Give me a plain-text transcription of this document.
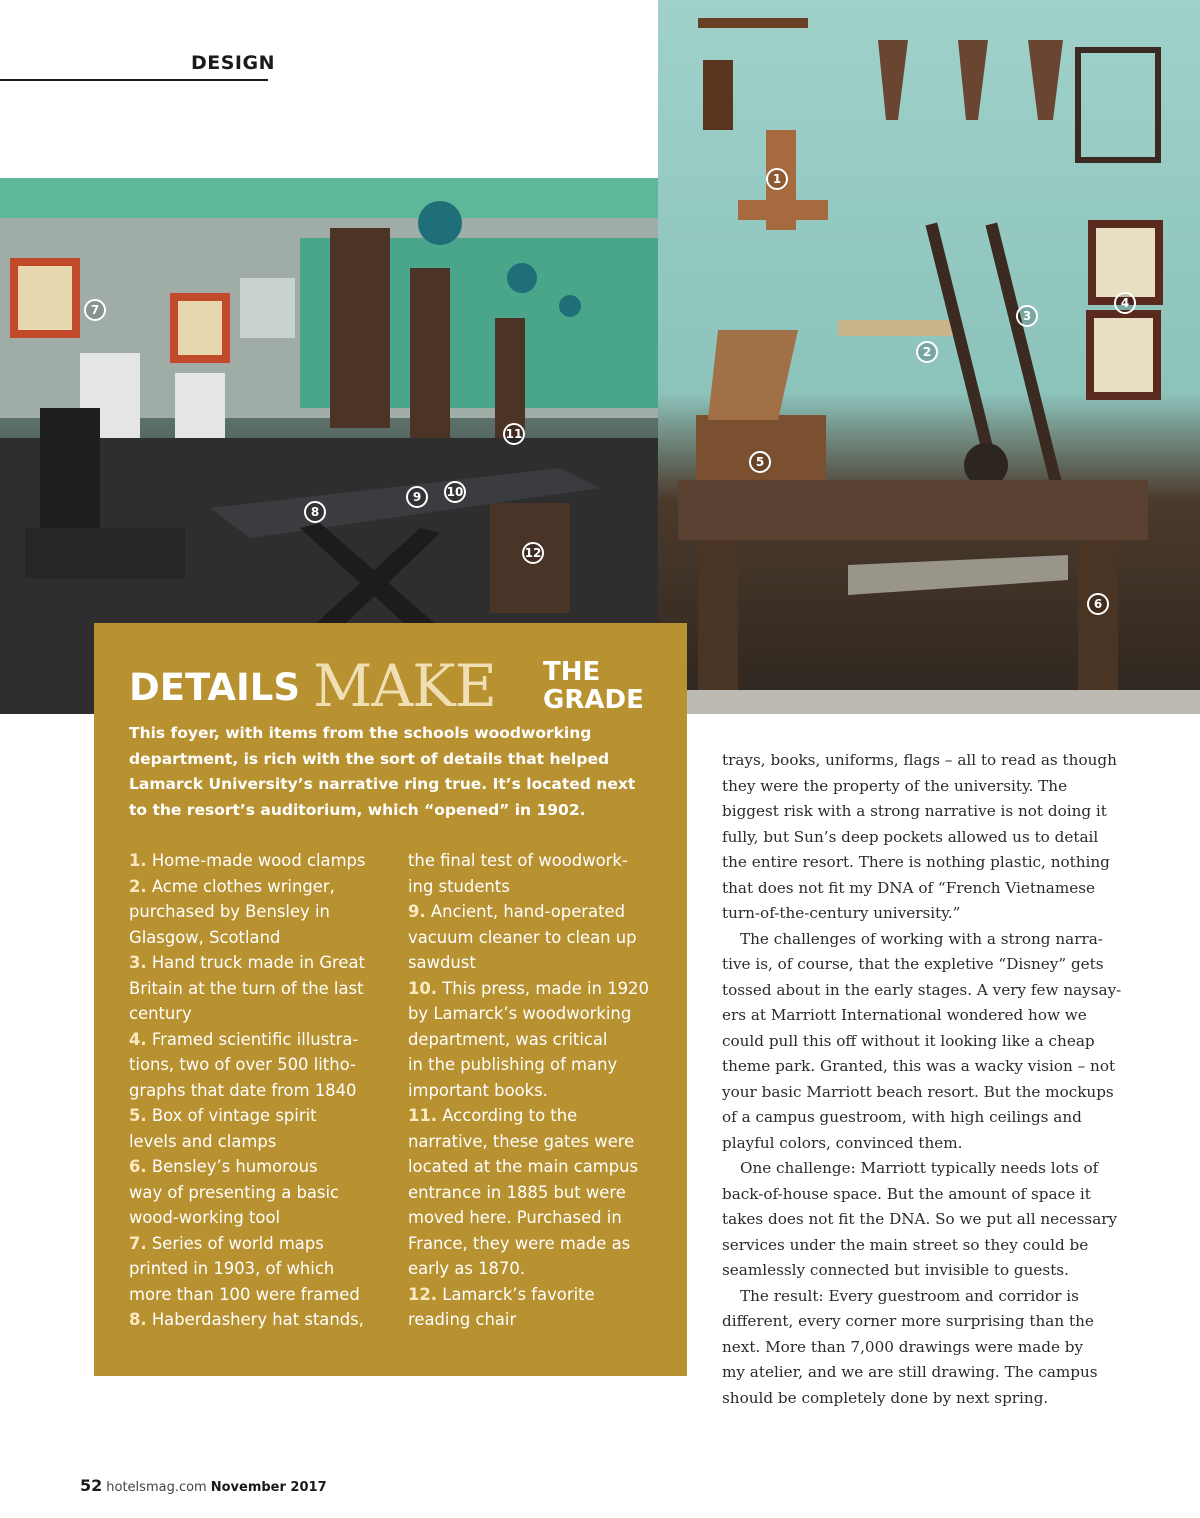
DESIGN
7
11
8
9	10
12
1
2
3
4
5
6
DETAILS MAKE THE
GRADE
This foyer, with items from the schools woodworking
department, is rich with the sort of details that helped
Lamarck University’s narrative ring true. It’s located next
to the resort’s auditorium, which “opened” in 1902.
1. Home-made wood clamps
2. Acme clothes wringer,
purchased by Bensley in
Glasgow, Scotland
3. Hand truck made in Great
Britain at the turn of the last
century
4. Framed scientific illustra-
tions, two of over 500 litho-
graphs that date from 1840
5. Box of vintage spirit
levels and clamps
6. Bensley’s humorous
way of presenting a basic
wood-working tool
7. Series of world maps
printed in 1903, of which
more than 100 were framed
8. Haberdashery hat stands,
the final test of woodwork-
ing students
9. Ancient, hand-operated
vacuum cleaner to clean up
sawdust
10. This press, made in 1920
by Lamarck’s woodworking
department, was critical
in the publishing of many
important books.
11. According to the
narrative, these gates were
located at the main campus
entrance in 1885 but were
moved here. Purchased in
France, they were made as
early as 1870.
12. Lamarck’s favorite
reading chair
trays, books, uniforms, flags – all to read as though
they were the property of the university. The
biggest risk with a strong narrative is not doing it
fully, but Sun’s deep pockets allowed us to detail
the entire resort. There is nothing plastic, nothing
that does not fit my DNA of “French Vietnamese
turn-of-the-century university.”
The challenges of working with a strong narra-
tive is, of course, that the expletive “Disney” gets
tossed about in the early stages. A very few naysay-
ers at Marriott International wondered how we
could pull this off without it looking like a cheap
theme park. Granted, this was a wacky vision – not
your basic Marriott beach resort. But the mockups
of a campus guestroom, with high ceilings and
playful colors, convinced them.
One challenge: Marriott typically needs lots of
back-of-house space. But the amount of space it
takes does not fit the DNA. So we put all necessary
services under the main street so they could be
seamlessly connected but invisible to guests.
The result: Every guestroom and corridor is
different, every corner more surprising than the
next. More than 7,000 drawings were made by
my atelier, and we are still drawing. The campus
should be completely done by next spring.
52 hotelsmag.com November 2017
